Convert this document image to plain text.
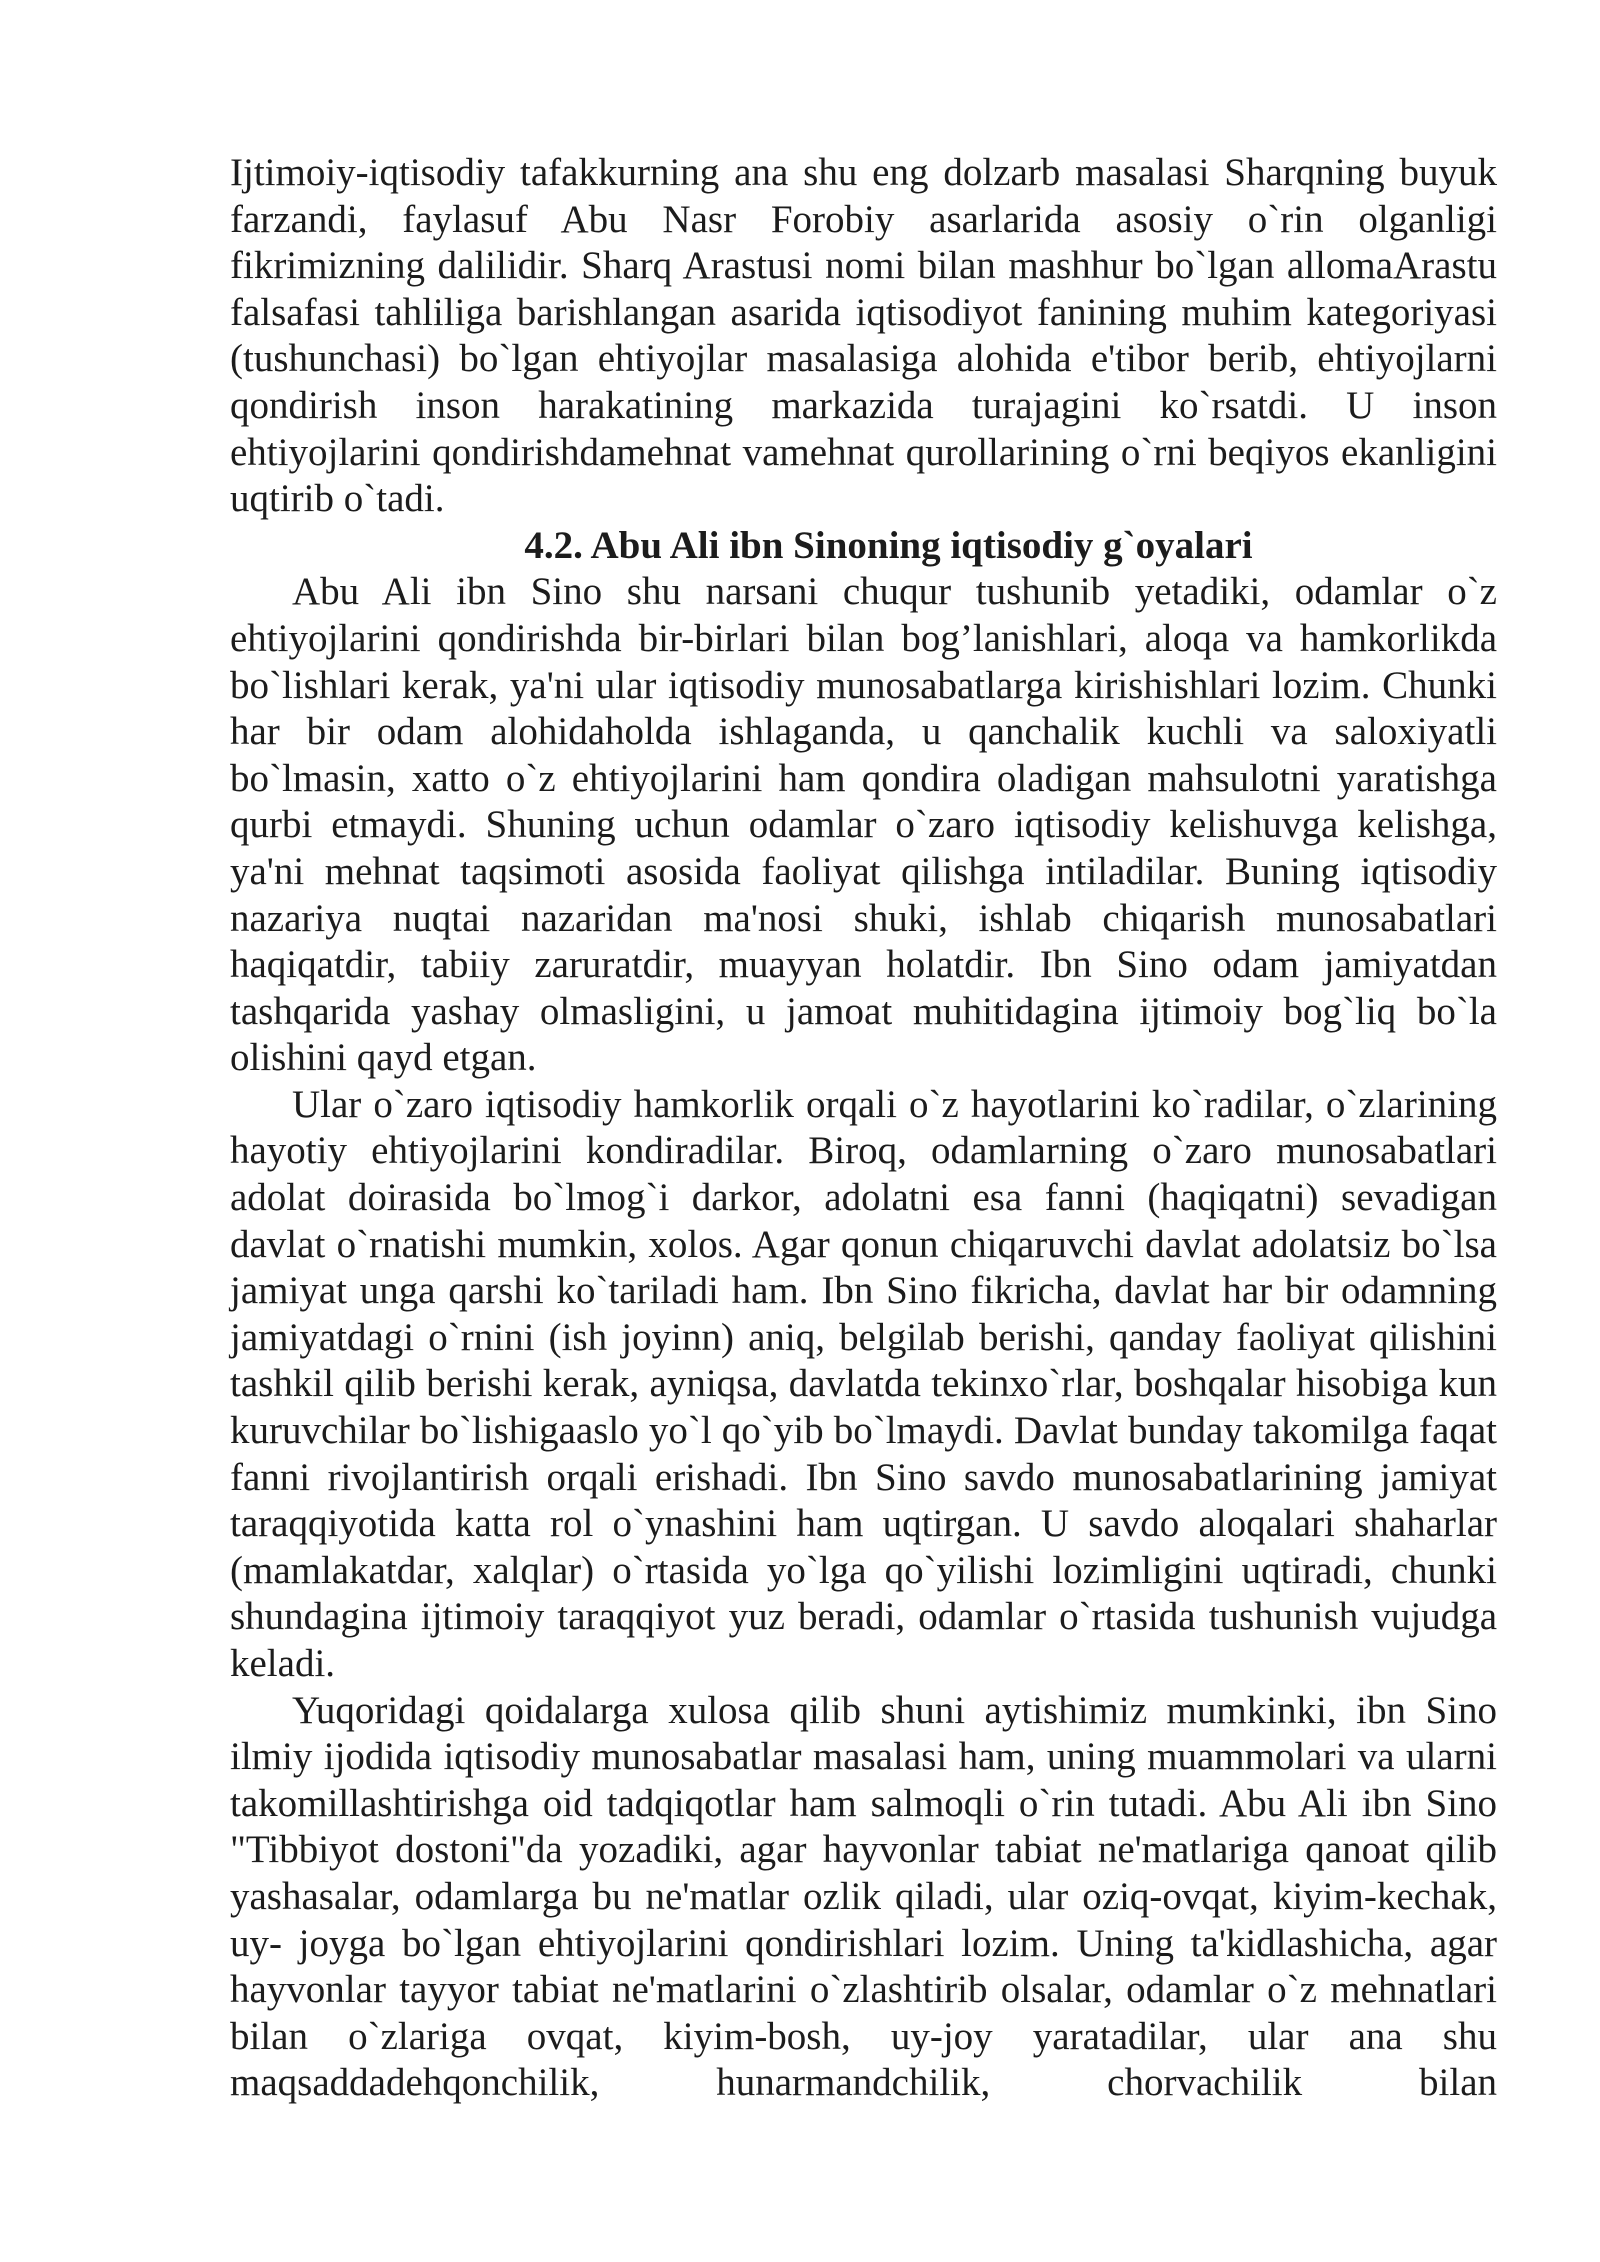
Ijtimoiy-iqtisodiy tafakkurning ana shu eng dolzarb masalasi Sharqning buyuk farzandi, faylasuf Abu Nasr Forobiy asarlarida asosiy o`rin olganligi fikrimizning dalilidir. Sharq Arastusi nomi bilan mashhur bo`lgan allomaArastu falsafasi tahliliga barishlangan asarida iqtisodiyot fanining muhim kategoriyasi (tushunchasi) bo`lgan ehtiyojlar masalasiga alohida e'tibor berib, ehtiyojlarni qondirish inson harakatining markazida turajagini ko`rsatdi. U inson ehtiyojlarini qondirishdamehnat vamehnat qurollarining o`rni beqiyos ekanligini uqtirib o`tadi.

4.2. Abu Ali ibn Sinoning iqtisodiy g`oyalari

Abu Ali ibn Sino shu narsani chuqur tushunib yetadiki, odamlar o`z ehtiyojlarini qondirishda bir-birlari bilan bog’lanishlari, aloqa va hamkorlikda bo`lishlari kerak, ya'ni ular iqtisodiy munosabatlarga kirishishlari lozim. Chunki har bir odam alohidaholda ishlaganda, u qanchalik kuchli va saloxiyatli bo`lmasin, xatto o`z ehtiyojlarini ham qondira oladigan mahsulotni yaratishga qurbi etmaydi. Shuning uchun odamlar o`zaro iqtisodiy kelishuvga kelishga, ya'ni mehnat taqsimoti asosida faoliyat qilishga intiladilar. Buning iqtisodiy nazariya nuqtai nazaridan ma'nosi shuki, ishlab chiqarish munosabatlari haqiqatdir, tabiiy zaruratdir, muayyan holatdir. Ibn Sino odam jamiyatdan tashqarida yashay olmasligini, u jamoat muhitidagina ijtimoiy bog`liq bo`la olishini qayd etgan.

Ular o`zaro iqtisodiy hamkorlik orqali o`z hayotlarini ko`radilar, o`zlarining hayotiy ehtiyojlarini kondiradilar. Biroq, odamlarning o`zaro munosabatlari adolat doirasida bo`lmog`i darkor, adolatni esa fanni (haqiqatni) sevadigan davlat o`rnatishi mumkin, xolos. Agar qonun chiqaruvchi davlat adolatsiz bo`lsa jamiyat unga qarshi ko`tariladi ham. Ibn Sino fikricha, davlat har bir odamning jamiyatdagi o`rnini (ish joyinn) aniq, belgilab berishi, qanday faoliyat qilishini tashkil qilib berishi kerak, ayniqsa, davlatda tekinxo`rlar, boshqalar hisobiga kun kuruvchilar bo`lishigaaslo yo`l qo`yib bo`lmaydi. Davlat bunday takomilga faqat fanni rivojlantirish orqali erishadi. Ibn Sino savdo munosabatlarining jamiyat taraqqiyotida katta rol o`ynashini ham uqtirgan. U savdo aloqalari shaharlar (mamlakatdar, xalqlar) o`rtasida yo`lga qo`yilishi lozimligini uqtiradi, chunki shundagina ijtimoiy taraqqiyot yuz beradi, odamlar o`rtasida tushunish vujudga keladi.

Yuqoridagi qoidalarga xulosa qilib shuni aytishimiz mumkinki, ibn Sino ilmiy ijodida iqtisodiy munosabatlar masalasi ham, uning muammolari va ularni takomillashtirishga oid tadqiqotlar ham salmoqli o`rin tutadi. Abu Ali ibn Sino "Tibbiyot dostoni"da yozadiki, agar hayvonlar tabiat ne'matlariga qanoat qilib yashasalar, odamlarga bu ne'matlar ozlik qiladi, ular oziq-ovqat, kiyim-kechak, uy- joyga bo`lgan ehtiyojlarini qondirishlari lozim. Uning ta'kidlashicha, agar hayvonlar tayyor tabiat ne'matlarini o`zlashtirib olsalar, odamlar o`z mehnatlari bilan o`zlariga ovqat, kiyim-bosh, uy-joy yaratadilar, ular ana shu maqsaddadehqonchilik, hunarmandchilik, chorvachilik bilan
